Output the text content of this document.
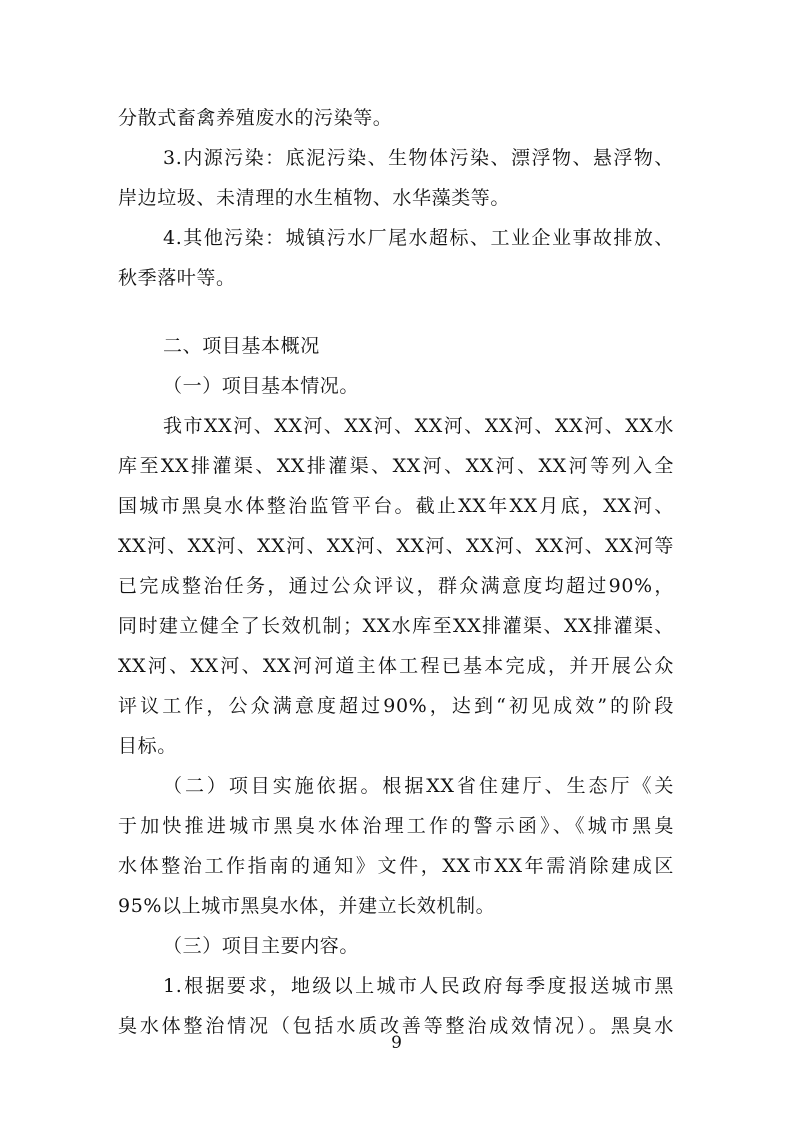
分散式畜禽养殖废水的污染等。
3.内源污染：底泥污染、生物体污染、漂浮物、悬浮物、
岸边垃圾、未清理的水生植物、水华藻类等。
4.其他污染：城镇污水厂尾水超标、工业企业事故排放、
秋季落叶等。
二、项目基本概况
（一）项目基本情况。
我市XX河、XX河、XX河、XX河、XX河、XX河、XX水
库至XX排灌渠、XX排灌渠、XX河、XX河、XX河等列入全
国城市黑臭水体整治监管平台。截止XX年XX月底，XX河、
XX河、XX河、XX河、XX河、XX河、XX河、XX河、XX河等
已完成整治任务，通过公众评议，群众满意度均超过90%，
同时建立健全了长效机制；XX水库至XX排灌渠、XX排灌渠、
XX河、XX河、XX河河道主体工程已基本完成，并开展公众
评议工作，公众满意度超过90%，达到“初见成效”的阶段
目标。
（二）项目实施依据。根据XX省住建厅、生态厅《关
于加快推进城市黑臭水体治理工作的警示函》、《城市黑臭
水体整治工作指南的通知》文件，XX市XX年需消除建成区
95%以上城市黑臭水体，并建立长效机制。
（三）项目主要内容。
1.根据要求，地级以上城市人民政府每季度报送城市黑
臭水体整治情况（包括水质改善等整治成效情况）。黑臭水
9
